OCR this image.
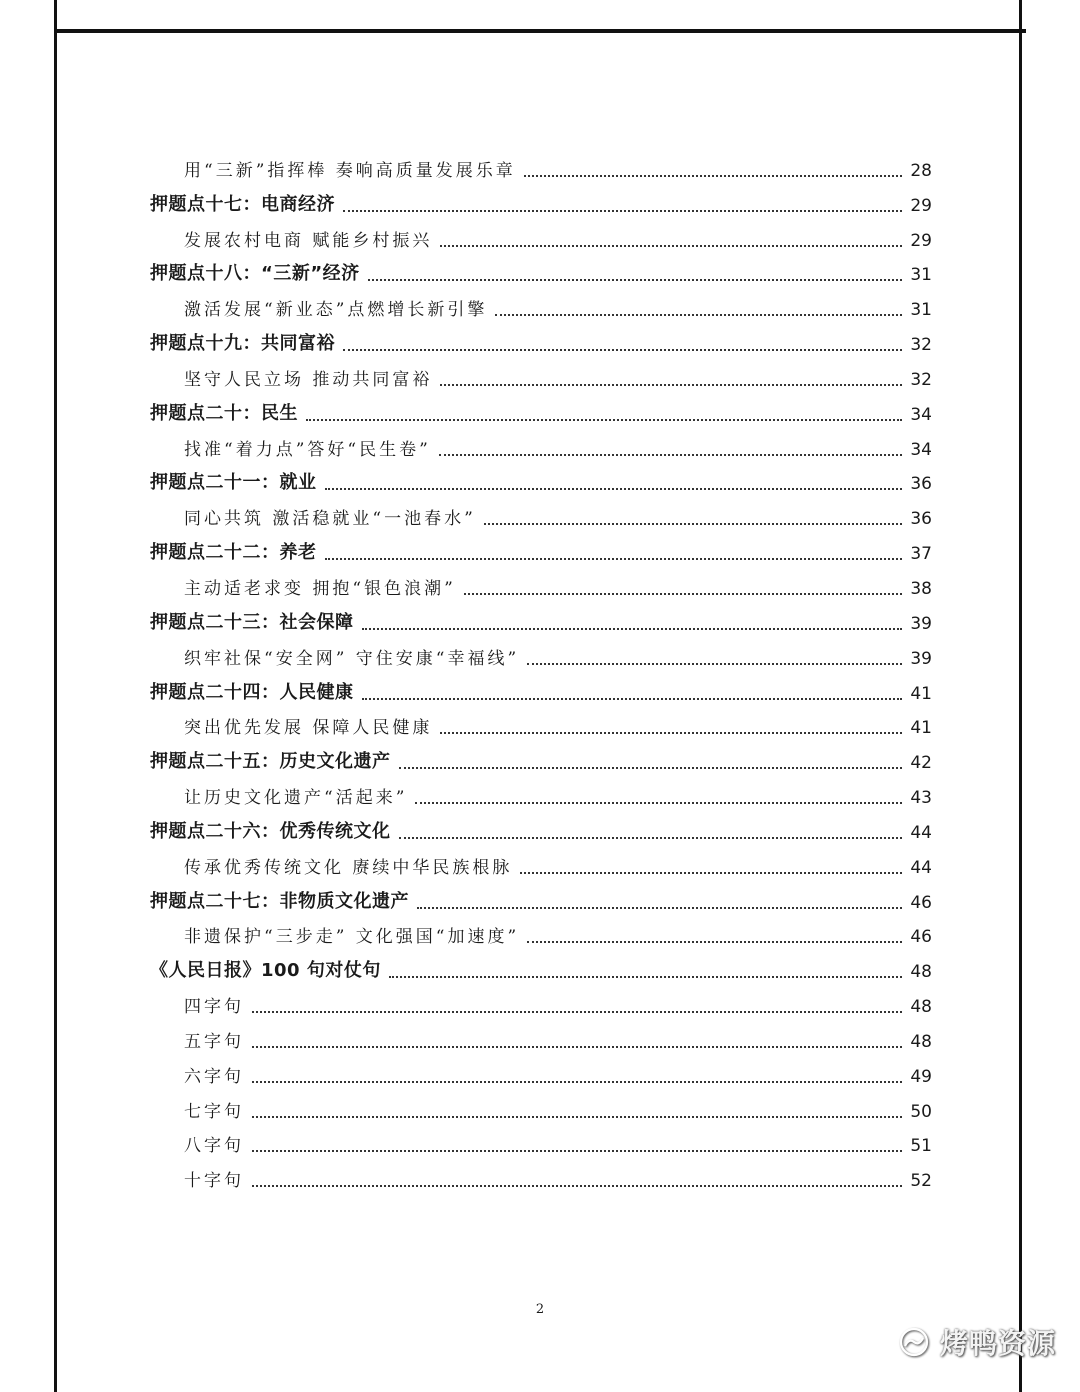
用“三新”指挥棒 奏响高质量发展乐章	28
押题点十七：电商经济	29
发展农村电商 赋能乡村振兴	29
押题点十八：“三新”经济	31
激活发展“新业态”点燃增长新引擎	31
押题点十九：共同富裕	32
坚守人民立场 推动共同富裕	32
押题点二十：民生	34
找准“着力点”答好“民生卷”	34
押题点二十一：就业	36
同心共筑 激活稳就业“一池春水”	36
押题点二十二：养老	37
主动适老求变 拥抱“银色浪潮”	38
押题点二十三：社会保障	39
织牢社保“安全网” 守住安康“幸福线”	39
押题点二十四：人民健康	41
突出优先发展 保障人民健康	41
押题点二十五：历史文化遗产	42
让历史文化遗产“活起来”	43
押题点二十六：优秀传统文化	44
传承优秀传统文化 赓续中华民族根脉	44
押题点二十七：非物质文化遗产	46
非遗保护“三步走” 文化强国“加速度”	46
《人民日报》100 句对仗句	48
四字句	48
五字句	48
六字句	49
七字句	50
八字句	51
十字句	52
2
烤鸭资源
